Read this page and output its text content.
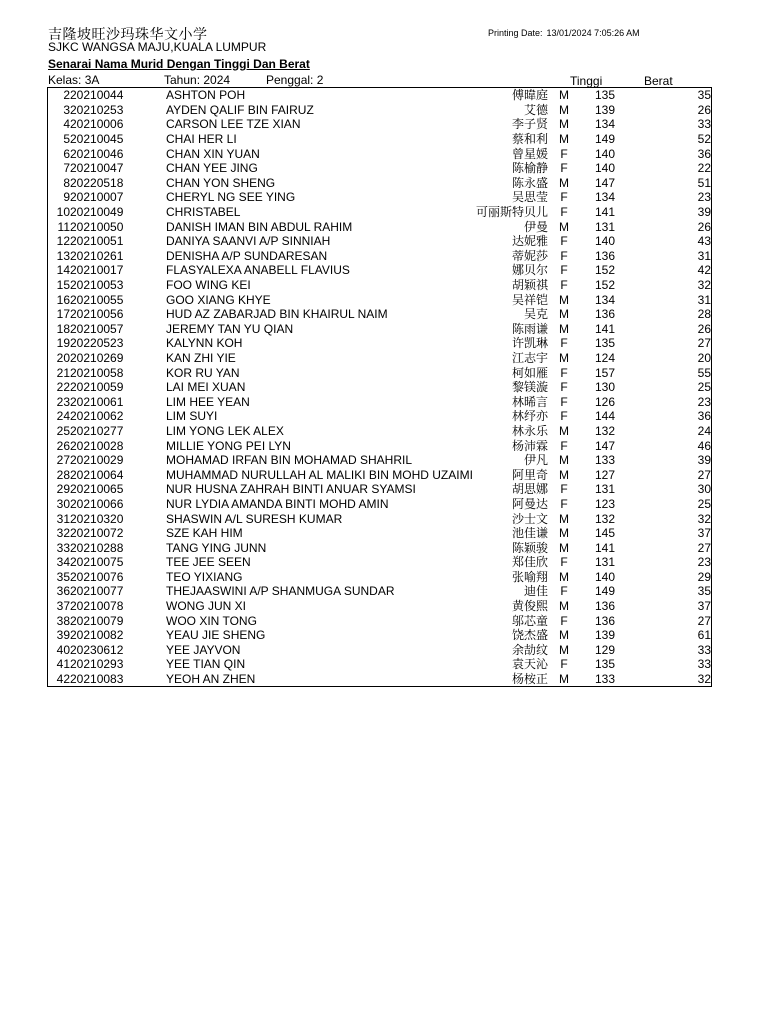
吉隆坡旺沙玛珠华文小学
SJKC WANGSA MAJU,KUALA LUMPUR
Printing Date: 13/01/2024 7:05:26 AM
Senarai Nama Murid Dengan Tinggi Dan Berat
Kelas: 3A	Tahun: 2024	Penggal: 2	Tinggi	Berat
2	20210044	ASHTON POH	傅暐庭	M	135	35
3	20210253	AYDEN QALIF BIN FAIRUZ	艾德	M	139	26
4	20210006	CARSON LEE TZE XIAN	李子贤	M	134	33
5	20210045	CHAI HER LI	蔡和利	M	149	52
6	20210046	CHAN XIN YUAN	曾星媛	F	140	36
7	20210047	CHAN YEE JING	陈榆静	F	140	22
8	20220518	CHAN YON SHENG	陈永盛	M	147	51
9	20210007	CHERYL NG SEE YING	吴思莹	F	134	23
10	20210049	CHRISTABEL	可丽斯特贝儿	F	141	39
11	20210050	DANISH IMAN BIN ABDUL RAHIM	伊曼	M	131	26
12	20210051	DANIYA SAANVI A/P SINNIAH	达妮雅	F	140	43
13	20210261	DENISHA A/P SUNDARESAN	蒂妮莎	F	136	31
14	20210017	FLASYALEXA ANABELL FLAVIUS	娜贝尔	F	152	42
15	20210053	FOO WING KEI	胡颖祺	F	152	32
16	20210055	GOO XIANG KHYE	吴祥铠	M	134	31
17	20210056	HUD AZ ZABARJAD BIN KHAIRUL NAIM	吴克	M	136	28
18	20210057	JEREMY TAN YU QIAN	陈雨谦	M	141	26
19	20220523	KALYNN KOH	许凯琳	F	135	27
20	20210269	KAN ZHI YIE	江志宇	M	124	20
21	20210058	KOR RU YAN	柯如雁	F	157	55
22	20210059	LAI MEI XUAN	黎镁漩	F	130	25
23	20210061	LIM HEE YEAN	林晞言	F	126	23
24	20210062	LIM SUYI	林纾亦	F	144	36
25	20210277	LIM YONG LEK ALEX	林永乐	M	132	24
26	20210028	MILLIE YONG PEI LYN	杨沛霖	F	147	46
27	20210029	MOHAMAD IRFAN BIN MOHAMAD SHAHRIL	伊凡	M	133	39
28	20210064	MUHAMMAD NURULLAH AL MALIKI BIN MOHD UZAIMI	阿里奇	M	127	27
29	20210065	NUR HUSNA ZAHRAH BINTI ANUAR SYAMSI	胡思娜	F	131	30
30	20210066	NUR LYDIA AMANDA BINTI MOHD AMIN	阿曼达	F	123	25
31	20210320	SHASWIN A/L SURESH KUMAR	沙士文	M	132	32
32	20210072	SZE KAH HIM	池佳谦	M	145	37
33	20210288	TANG YING JUNN	陈颖骏	M	141	27
34	20210075	TEE JEE SEEN	郑佳欣	F	131	23
35	20210076	TEO YIXIANG	张喻翔	M	140	29
36	20210077	THEJAASWINI A/P SHANMUGA SUNDAR	迪佳	F	149	35
37	20210078	WONG JUN XI	黄俊熙	M	136	37
38	20210079	WOO XIN TONG	邬芯童	F	136	27
39	20210082	YEAU JIE SHENG	饶杰盛	M	139	61
40	20230612	YEE JAYVON	余劼纹	M	129	33
41	20210293	YEE TIAN QIN	袁天沁	F	135	33
42	20210083	YEOH AN ZHEN	杨桉正	M	133	32
